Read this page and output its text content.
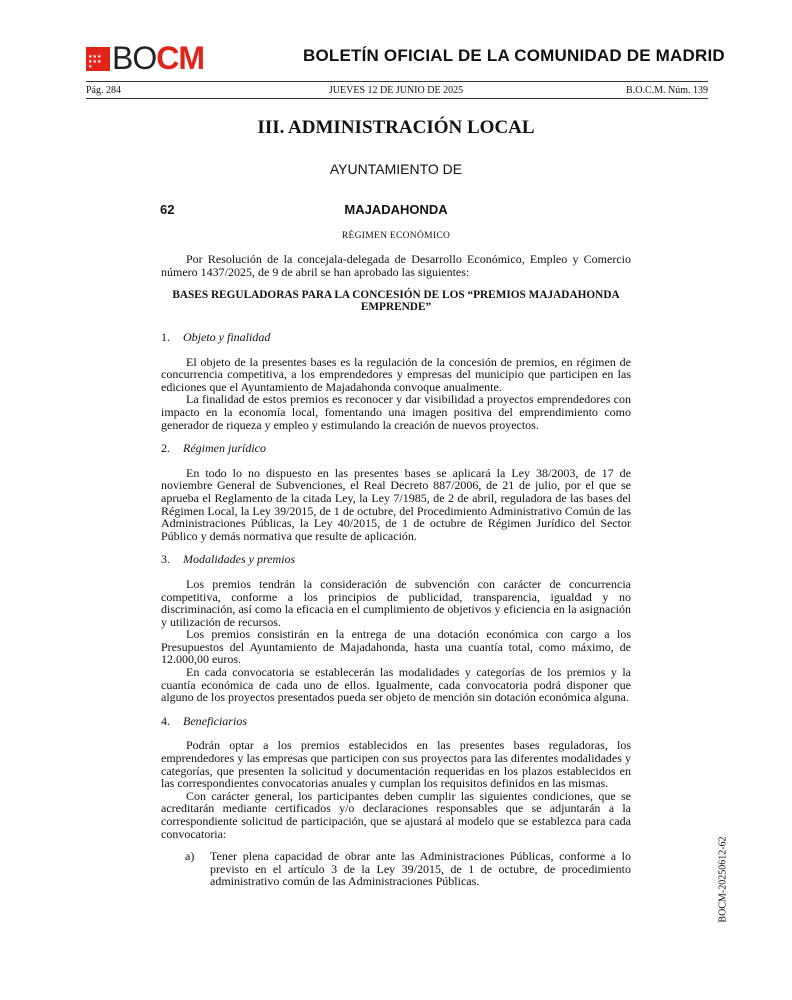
★★★
★★★
★ BOCM	BOLETÍN OFICIAL DE LA COMUNIDAD DE MADRID
Pág. 284	JUEVES 12 DE JUNIO DE 2025	B.O.C.M. Núm. 139
III. ADMINISTRACIÓN LOCAL
AYUNTAMIENTO DE
62	MAJADAHONDA
RÉGIMEN ECONÓMICO

Por Resolución de la concejala-delegada de Desarrollo Económico, Empleo y Comercio número 1437/2025, de 9 de abril se han aprobado las siguientes:

BASES REGULADORAS PARA LA CONCESIÓN DE LOS “PREMIOS MAJADAHONDA EMPRENDE”
1. Objeto y finalidad

El objeto de la presentes bases es la regulación de la concesión de premios, en régimen de concurrencia competitiva, a los emprendedores y empresas del municipio que participen en las ediciones que el Ayuntamiento de Majadahonda convoque anualmente.

La finalidad de estos premios es reconocer y dar visibilidad a proyectos emprendedores con impacto en la economía local, fomentando una imagen positiva del emprendimiento como generador de riqueza y empleo y estimulando la creación de nuevos proyectos.

2. Régimen jurídico

En todo lo no dispuesto en las presentes bases se aplicará la Ley 38/2003, de 17 de noviembre General de Subvenciones, el Real Decreto 887/2006, de 21 de julio, por el que se aprueba el Reglamento de la citada Ley, la Ley 7/1985, de 2 de abril, reguladora de las bases del Régimen Local, la Ley 39/2015, de 1 de octubre, del Procedimiento Administrativo Común de las Administraciones Públicas, la Ley 40/2015, de 1 de octubre de Régimen Jurídico del Sector Público y demás normativa que resulte de aplicación.

3. Modalidades y premios

Los premios tendrán la consideración de subvención con carácter de concurrencia competitiva, conforme a los principios de publicidad, transparencia, igualdad y no discriminación, así como la eficacia en el cumplimiento de objetivos y eficiencia en la asignación y utilización de recursos.

Los premios consistirán en la entrega de una dotación económica con cargo a los Presupuestos del Ayuntamiento de Majadahonda, hasta una cuantía total, como máximo, de 12.000,00 euros.

En cada convocatoria se establecerán las modalidades y categorías de los premios y la cuantía económica de cada uno de ellos. Igualmente, cada convocatoria podrá disponer que alguno de los proyectos presentados pueda ser objeto de mención sin dotación económica alguna.

4. Beneficiarios

Podrán optar a los premios establecidos en las presentes bases reguladoras, los emprendedores y las empresas que participen con sus proyectos para las diferentes modalidades y categorías, que presenten la solicitud y documentación requeridas en los plazos establecidos en las correspondientes convocatorias anuales y cumplan los requisitos definidos en las mismas.

Con carácter general, los participantes deben cumplir las siguientes condiciones, que se acreditarán mediante certificados y/o declaraciones responsables que se adjuntarán a la correspondiente solicitud de participación, que se ajustará al modelo que se establezca para cada convocatoria:

a)	Tener plena capacidad de obrar ante las Administraciones Públicas, conforme a lo previsto en el artículo 3 de la Ley 39/2015, de 1 de octubre, de procedimiento administrativo común de las Administraciones Públicas.	BOCM-20250612-62
